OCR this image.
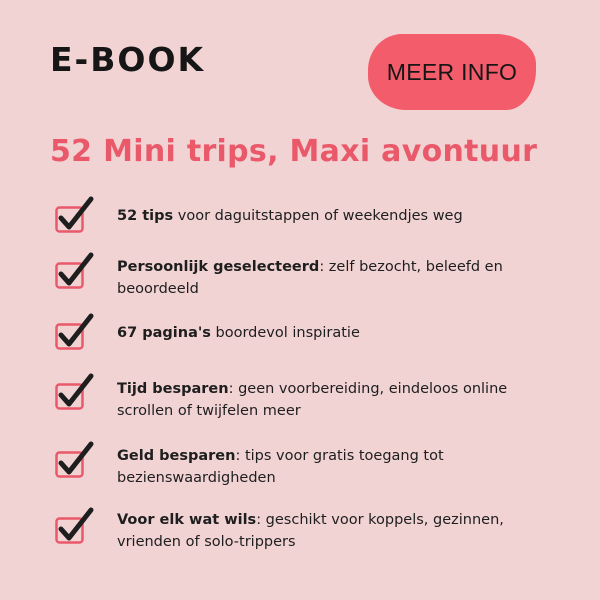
E-BOOK	MEER INFO
52 Mini trips, Maxi avontuur
52 tips voor daguitstappen of weekendjes weg
Persoonlijk geselecteerd: zelf bezocht, beleefd en beoordeeld
67 pagina's boordevol inspiratie
Tijd besparen: geen voorbereiding, eindeloos online scrollen of twijfelen meer
Geld besparen: tips voor gratis toegang tot bezienswaardigheden
Voor elk wat wils: geschikt voor koppels, gezinnen, vrienden of solo-trippers
